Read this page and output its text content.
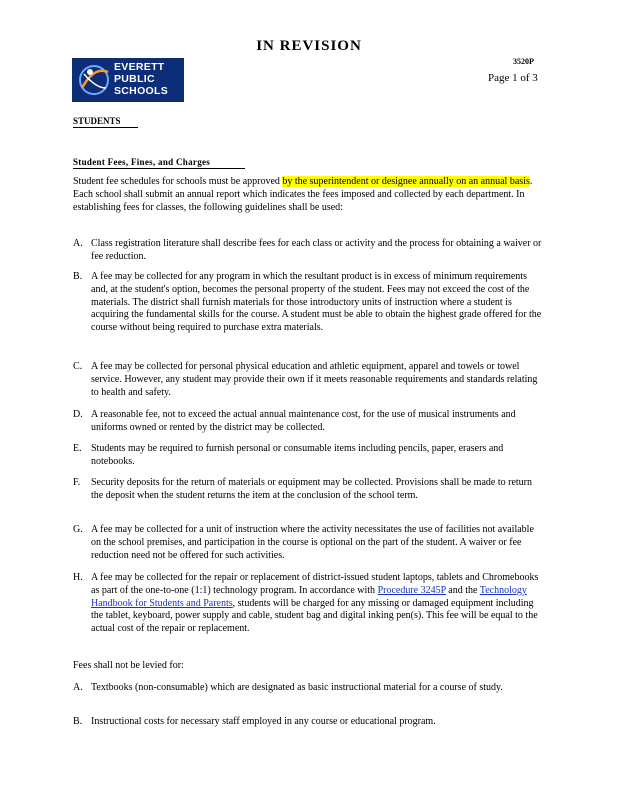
IN REVISION
EVERETT
PUBLIC
SCHOOLS
3520P
Page 1 of 3
STUDENTS
Student Fees, Fines, and Charges
Student fee schedules for schools must be approved by the superintendent or designee annually on an annual basis. Each school shall submit an annual report which indicates the fees imposed and collected by each department. In establishing fees for classes, the following guidelines shall be used:
A. Class registration literature shall describe fees for each class or activity and the process for obtaining a waiver or fee reduction.
B. A fee may be collected for any program in which the resultant product is in excess of minimum requirements and, at the student's option, becomes the personal property of the student. Fees may not exceed the cost of the materials. The district shall furnish materials for those introductory units of instruction where a student is acquiring the fundamental skills for the course. A student must be able to obtain the highest grade offered for the course without being required to purchase extra materials.
C. A fee may be collected for personal physical education and athletic equipment, apparel and towels or towel service. However, any student may provide their own if it meets reasonable requirements and standards relating to health and safety.
D. A reasonable fee, not to exceed the actual annual maintenance cost, for the use of musical instruments and uniforms owned or rented by the district may be collected.
E. Students may be required to furnish personal or consumable items including pencils, paper, erasers and notebooks.
F. Security deposits for the return of materials or equipment may be collected. Provisions shall be made to return the deposit when the student returns the item at the conclusion of the school term.
G. A fee may be collected for a unit of instruction where the activity necessitates the use of facilities not available on the school premises, and participation in the course is optional on the part of the student. A waiver or fee reduction need not be offered for such activities.
H. A fee may be collected for the repair or replacement of district-issued student laptops, tablets and Chromebooks as part of the one-to-one (1:1) technology program. In accordance with Procedure 3245P and the Technology Handbook for Students and Parents, students will be charged for any missing or damaged equipment including the tablet, keyboard, power supply and cable, student bag and digital inking pen(s). This fee will be equal to the actual cost of the repair or replacement.
Fees shall not be levied for:
A. Textbooks (non-consumable) which are designated as basic instructional material for a course of study.
B. Instructional costs for necessary staff employed in any course or educational program.
